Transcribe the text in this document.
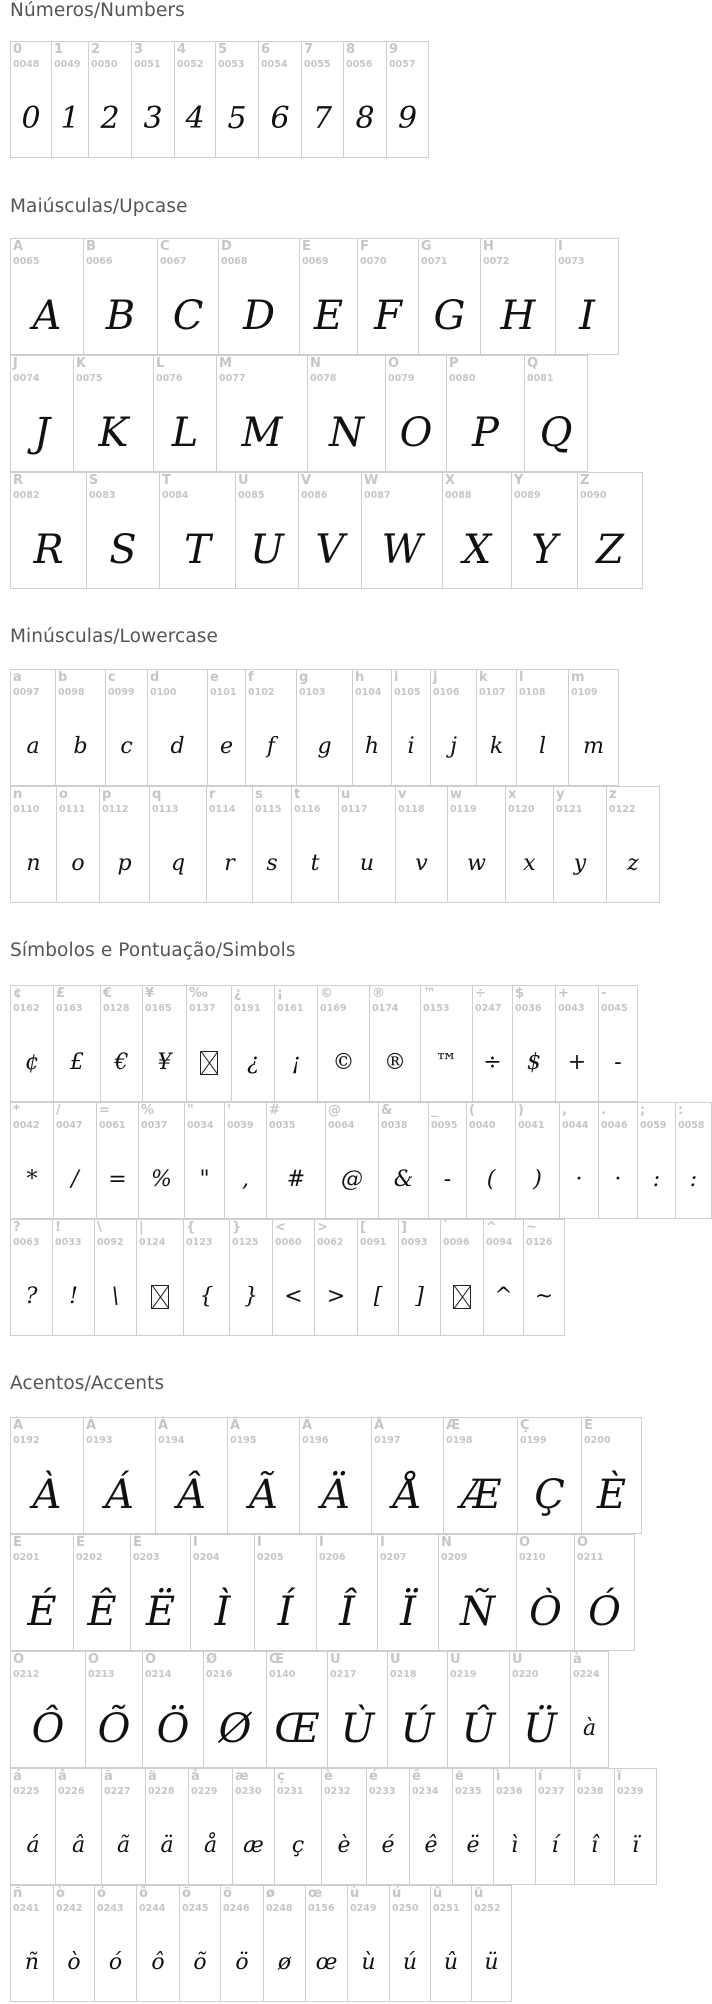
Números/Numbers
0
0048
0
1
0049
1
2
0050
2
3
0051
3
4
0052
4
5
0053
5
6
0054
6
7
0055
7
8
0056
8
9
0057
9
Maiúsculas/Upcase
A
0065
A
B
0066
B
C
0067
C
D
0068
D
E
0069
E
F
0070
F
G
0071
G
H
0072
H
I
0073
I
J
0074
J
K
0075
K
L
0076
L
M
0077
M
N
0078
N
O
0079
O
P
0080
P
Q
0081
Q
R
0082
R
S
0083
S
T
0084
T
U
0085
U
V
0086
V
W
0087
W
X
0088
X
Y
0089
Y
Z
0090
Z
Minúsculas/Lowercase
a
0097
a
b
0098
b
c
0099
c
d
0100
d
e
0101
e
f
0102
f
g
0103
g
h
0104
h
i
0105
i
j
0106
j
k
0107
k
l
0108
l
m
0109
m
n
0110
n
o
0111
o
p
0112
p
q
0113
q
r
0114
r
s
0115
s
t
0116
t
u
0117
u
v
0118
v
w
0119
w
x
0120
x
y
0121
y
z
0122
z
Símbolos e Pontuação/Simbols
¢
0162
¢
£
0163
£
€
0128
€
¥
0165
¥
‰
0137
¿
0191
¿
¡
0161
¡
©
0169
©
®
0174
®
™
0153
™
÷
0247
÷
$
0036
$
+
0043
+
-
0045
-
*
0042
*
/
0047
/
=
0061
=
%
0037
%
"
0034
"
'
0039
,
#
0035
#
@
0064
@
&
0038
&
_
0095
-
(
0040
(
)
0041
)
,
0044
·
.
0046
·
;
0059
:
:
0058
:
?
0063
?
!
0033
!
\
0092
\
|
0124
{
0123
{
}
0125
}
<
0060
<
>
0062
>
[
0091
[
]
0093
]
`
0096
^
0094
^
~
0126
~
Acentos/Accents
À
0192
À
Á
0193
Á
Â
0194
Â
Ã
0195
Ã
Ä
0196
Ä
Å
0197
Å
Æ
0198
Æ
Ç
0199
Ç
È
0200
È
É
0201
É
Ê
0202
Ê
Ë
0203
Ë
Ì
0204
Ì
Í
0205
Í
Î
0206
Î
Ï
0207
Ï
Ñ
0209
Ñ
Ò
0210
Ò
Ó
0211
Ó
Ô
0212
Ô
Õ
0213
Õ
Ö
0214
Ö
Ø
0216
Ø
Œ
0140
Œ
Ù
0217
Ù
Ú
0218
Ú
Û
0219
Û
Ü
0220
Ü
à
0224
à
á
0225
á
â
0226
â
ã
0227
ã
ä
0228
ä
å
0229
å
æ
0230
æ
ç
0231
ç
è
0232
è
é
0233
é
ê
0234
ê
ë
0235
ë
ì
0236
ì
í
0237
í
î
0238
î
ï
0239
ï
ñ
0241
ñ
ò
0242
ò
ó
0243
ó
ô
0244
ô
õ
0245
õ
ö
0246
ö
ø
0248
ø
œ
0156
œ
ù
0249
ù
ú
0250
ú
û
0251
û
ü
0252
ü
